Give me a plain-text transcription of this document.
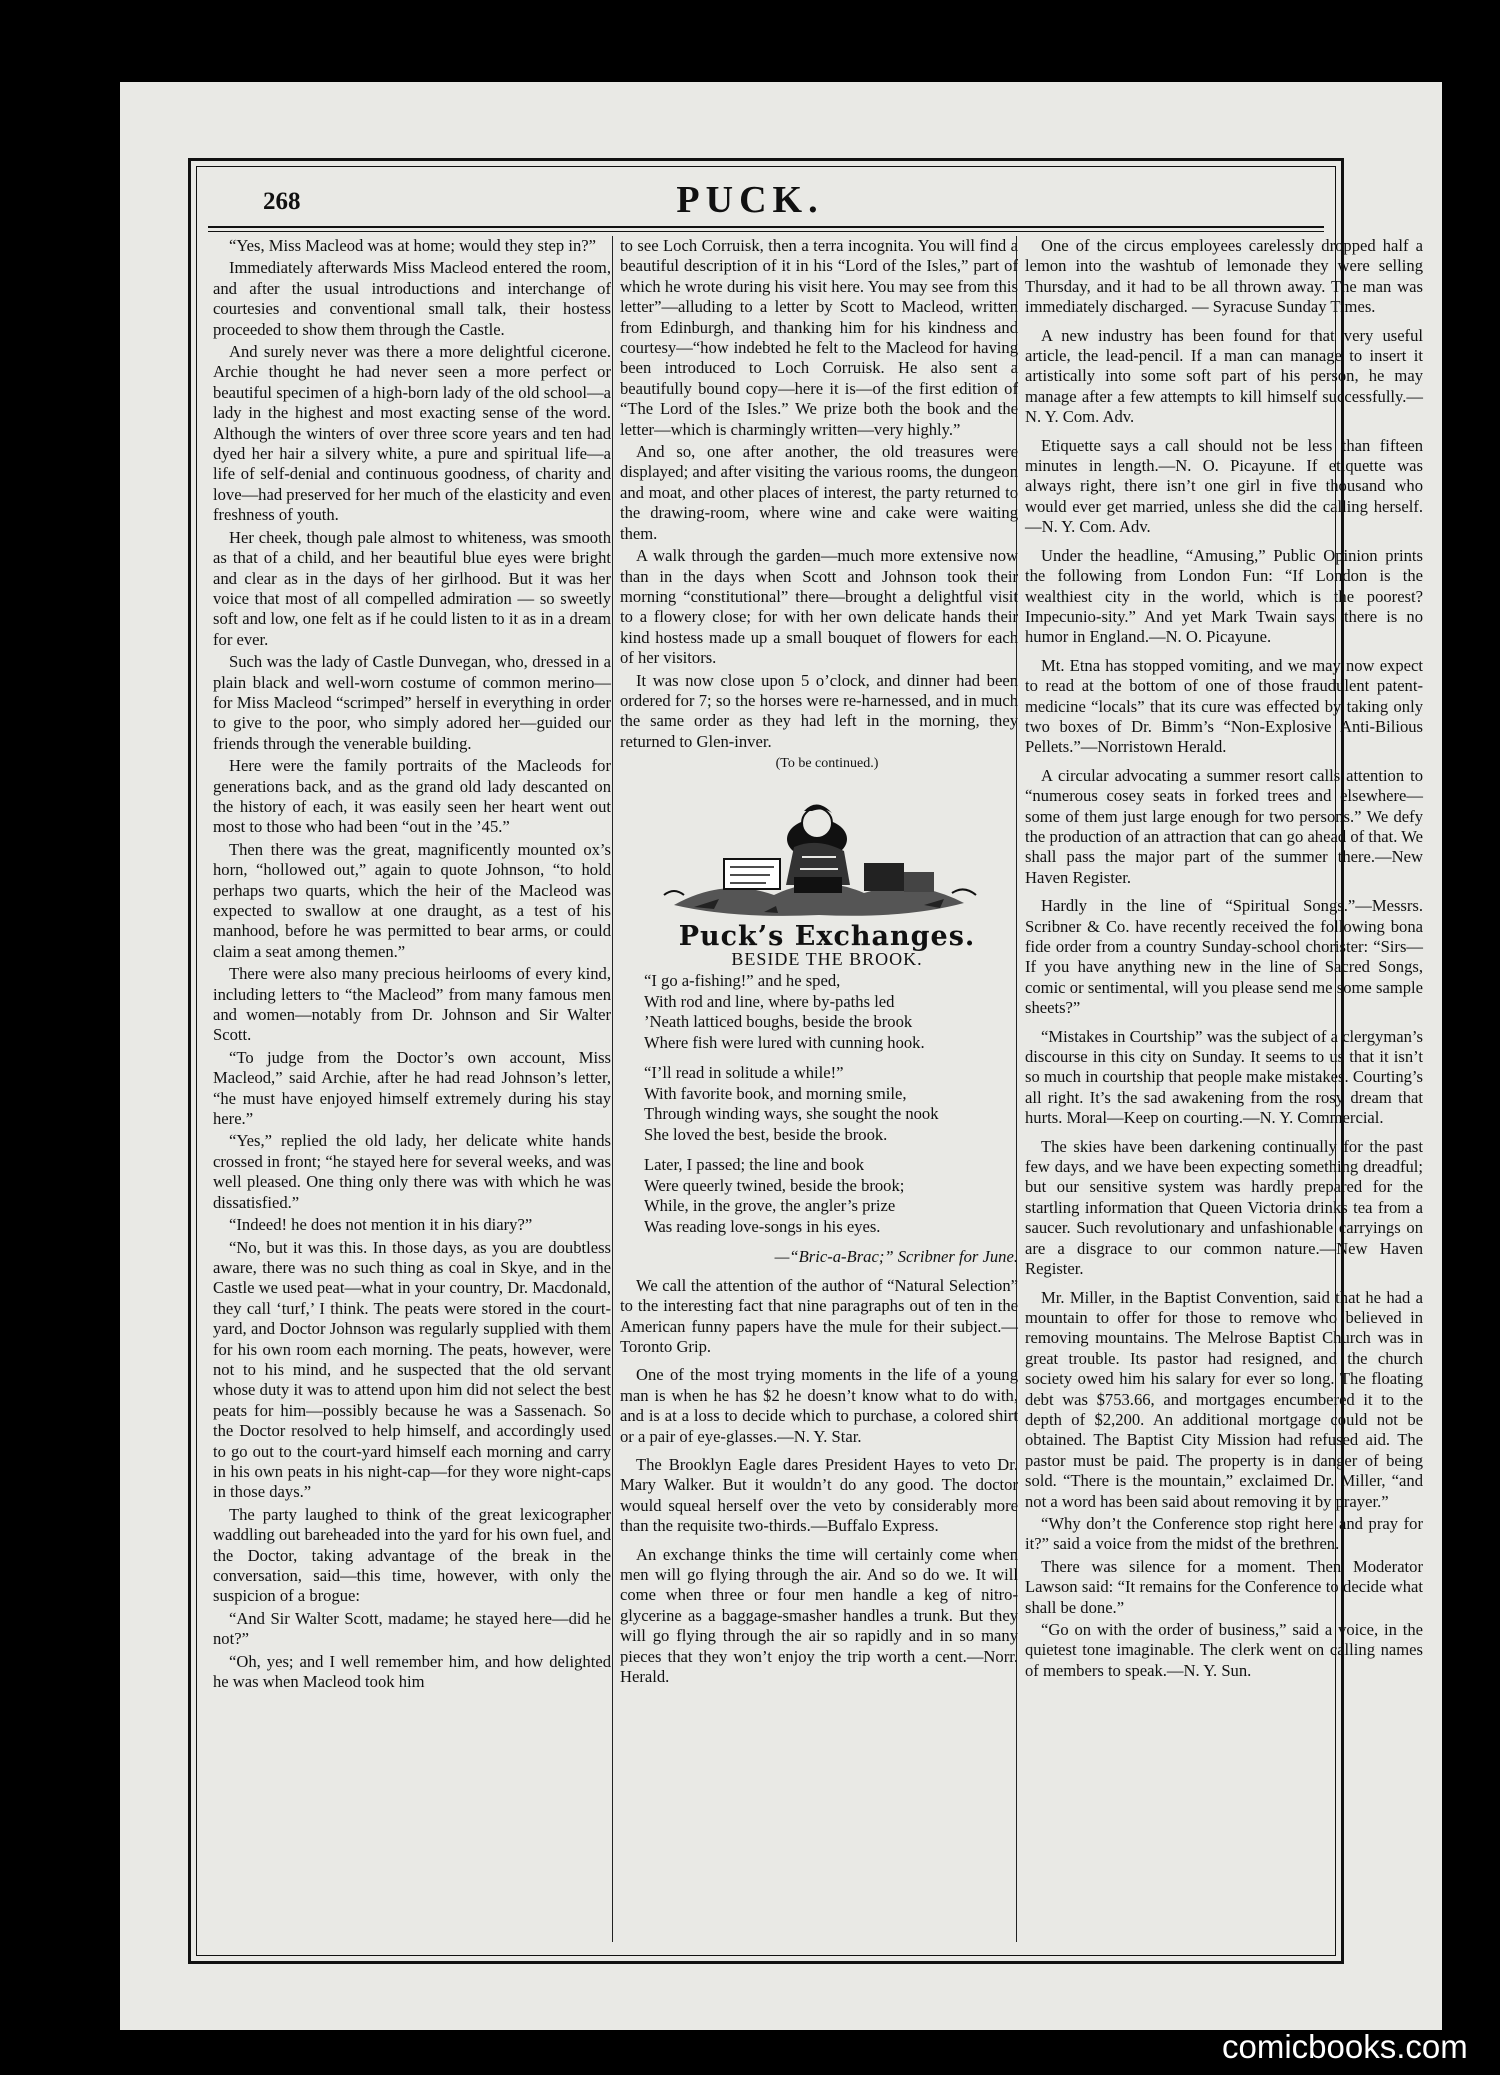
268	PUCK.

“Yes, Miss Macleod was at home; would they step in?”

Immediately afterwards Miss Macleod entered the room, and after the usual introductions and interchange of courtesies and conventional small talk, their hostess proceeded to show them through the Castle.

And surely never was there a more delightful cicerone. Archie thought he had never seen a more perfect or beautiful specimen of a high-born lady of the old school—a lady in the highest and most exacting sense of the word. Although the winters of over three score years and ten had dyed her hair a silvery white, a pure and spiritual life—a life of self-denial and continuous goodness, of charity and love—had preserved for her much of the elasticity and even freshness of youth.

Her cheek, though pale almost to whiteness, was smooth as that of a child, and her beautiful blue eyes were bright and clear as in the days of her girlhood. But it was her voice that most of all compelled admiration — so sweetly soft and low, one felt as if he could listen to it as in a dream for ever.

Such was the lady of Castle Dunvegan, who, dressed in a plain black and well-worn costume of common merino—for Miss Macleod “scrimped” herself in everything in order to give to the poor, who simply adored her—guided our friends through the venerable building.

Here were the family portraits of the Macleods for generations back, and as the grand old lady descanted on the history of each, it was easily seen her heart went out most to those who had been “out in the ’45.”

Then there was the great, magnificently mounted ox’s horn, “hollowed out,” again to quote Johnson, “to hold perhaps two quarts, which the heir of the Macleod was expected to swallow at one draught, as a test of his manhood, before he was permitted to bear arms, or could claim a seat among themen.”

There were also many precious heirlooms of every kind, including letters to “the Macleod” from many famous men and women—notably from Dr. Johnson and Sir Walter Scott.

“To judge from the Doctor’s own account, Miss Macleod,” said Archie, after he had read Johnson’s letter, “he must have enjoyed himself extremely during his stay here.”

“Yes,” replied the old lady, her delicate white hands crossed in front; “he stayed here for several weeks, and was well pleased. One thing only there was with which he was dissatisfied.”

“Indeed! he does not mention it in his diary?”

“No, but it was this. In those days, as you are doubtless aware, there was no such thing as coal in Skye, and in the Castle we used peat—what in your country, Dr. Macdonald, they call ‘turf,’ I think. The peats were stored in the court-yard, and Doctor Johnson was regularly supplied with them for his own room each morning. The peats, however, were not to his mind, and he suspected that the old servant whose duty it was to attend upon him did not select the best peats for him—possibly because he was a Sassenach. So the Doctor resolved to help himself, and accordingly used to go out to the court-yard himself each morning and carry in his own peats in his night-cap—for they wore night-caps in those days.”

The party laughed to think of the great lexicographer waddling out bareheaded into the yard for his own fuel, and the Doctor, taking advantage of the break in the conversation, said—this time, however, with only the suspicion of a brogue:

“And Sir Walter Scott, madame; he stayed here—did he not?”

“Oh, yes; and I well remember him, and how delighted he was when Macleod took him

to see Loch Corruisk, then a terra incognita. You will find a beautiful description of it in his “Lord of the Isles,” part of which he wrote during his visit here. You may see from this letter”—alluding to a letter by Scott to Macleod, written from Edinburgh, and thanking him for his kindness and courtesy—“how indebted he felt to the Macleod for having been introduced to Loch Corruisk. He also sent a beautifully bound copy—here it is—of the first edition of “The Lord of the Isles.” We prize both the book and the letter—which is charmingly written—very highly.”

And so, one after another, the old treasures were displayed; and after visiting the various rooms, the dungeon and moat, and other places of interest, the party returned to the drawing-room, where wine and cake were waiting them.

A walk through the garden—much more extensive now than in the days when Scott and Johnson took their morning “constitutional” there—brought a delightful visit to a flowery close; for with her own delicate hands their kind hostess made up a small bouquet of flowers for each of her visitors.

It was now close upon 5 o’clock, and dinner had been ordered for 7; so the horses were re-harnessed, and in much the same order as they had left in the morning, they returned to Glen-inver.

(To be continued.)

Puck’s Exchanges.

BESIDE THE BROOK.

“I go a-fishing!” and he sped,
With rod and line, where by-paths led
’Neath latticed boughs, beside the brook
Where fish were lured with cunning hook.
“I’ll read in solitude a while!”
With favorite book, and morning smile,
Through winding ways, she sought the nook
She loved the best, beside the brook.
Later, I passed; the line and book
Were queerly twined, beside the brook;
While, in the grove, the angler’s prize
Was reading love-songs in his eyes.

—“Bric-a-Brac;” Scribner for June.

We call the attention of the author of “Natural Selection” to the interesting fact that nine paragraphs out of ten in the American funny papers have the mule for their subject.—Toronto Grip.

One of the most trying moments in the life of a young man is when he has $2 he doesn’t know what to do with, and is at a loss to decide which to purchase, a colored shirt or a pair of eye-glasses.—N. Y. Star.

The Brooklyn Eagle dares President Hayes to veto Dr. Mary Walker. But it wouldn’t do any good. The doctor would squeal herself over the veto by considerably more than the requisite two-thirds.—Buffalo Express.

An exchange thinks the time will certainly come when men will go flying through the air. And so do we. It will come when three or four men handle a keg of nitro-glycerine as a baggage-smasher handles a trunk. But they will go flying through the air so rapidly and in so many pieces that they won’t enjoy the trip worth a cent.—Norr. Herald.

One of the circus employees carelessly dropped half a lemon into the washtub of lemonade they were selling Thursday, and it had to be all thrown away. The man was immediately discharged. — Syracuse Sunday Times.

A new industry has been found for that very useful article, the lead-pencil. If a man can manage to insert it artistically into some soft part of his person, he may manage after a few attempts to kill himself successfully.—N. Y. Com. Adv.

Etiquette says a call should not be less than fifteen minutes in length.—N. O. Picayune. If etiquette was always right, there isn’t one girl in five thousand who would ever get married, unless she did the calling herself.—N. Y. Com. Adv.

Under the headline, “Amusing,” Public Opinion prints the following from London Fun: “If London is the wealthiest city in the world, which is the poorest? Impecunio-sity.” And yet Mark Twain says there is no humor in England.—N. O. Picayune.

Mt. Etna has stopped vomiting, and we may now expect to read at the bottom of one of those fraudulent patent-medicine “locals” that its cure was effected by taking only two boxes of Dr. Bimm’s “Non-Explosive Anti-Bilious Pellets.”—Norristown Herald.

A circular advocating a summer resort calls attention to “numerous cosey seats in forked trees and elsewhere—some of them just large enough for two persons.” We defy the production of an attraction that can go ahead of that. We shall pass the major part of the summer there.—New Haven Register.

Hardly in the line of “Spiritual Songs.”—Messrs. Scribner & Co. have recently received the following bona fide order from a country Sunday-school chorister: “Sirs—If you have anything new in the line of Sacred Songs, comic or sentimental, will you please send me some sample sheets?”

“Mistakes in Courtship” was the subject of a clergyman’s discourse in this city on Sunday. It seems to us that it isn’t so much in courtship that people make mistakes. Courting’s all right. It’s the sad awakening from the rosy dream that hurts. Moral—Keep on courting.—N. Y. Commercial.

The skies have been darkening continually for the past few days, and we have been expecting something dreadful; but our sensitive system was hardly prepared for the startling information that Queen Victoria drinks tea from a saucer. Such revolutionary and unfashionable carryings on are a disgrace to our common nature.—New Haven Register.

Mr. Miller, in the Baptist Convention, said that he had a mountain to offer for those to remove who believed in removing mountains. The Melrose Baptist Church was in great trouble. Its pastor had resigned, and the church society owed him his salary for ever so long. The floating debt was $753.66, and mortgages encumbered it to the depth of $2,200. An additional mortgage could not be obtained. The Baptist City Mission had refused aid. The pastor must be paid. The property is in danger of being sold. “There is the mountain,” exclaimed Dr. Miller, “and not a word has been said about removing it by prayer.”

“Why don’t the Conference stop right here and pray for it?” said a voice from the midst of the brethren.

There was silence for a moment. Then Moderator Lawson said: “It remains for the Conference to decide what shall be done.”

“Go on with the order of business,” said a voice, in the quietest tone imaginable. The clerk went on calling names of members to speak.—N. Y. Sun.

comicbooks.com
